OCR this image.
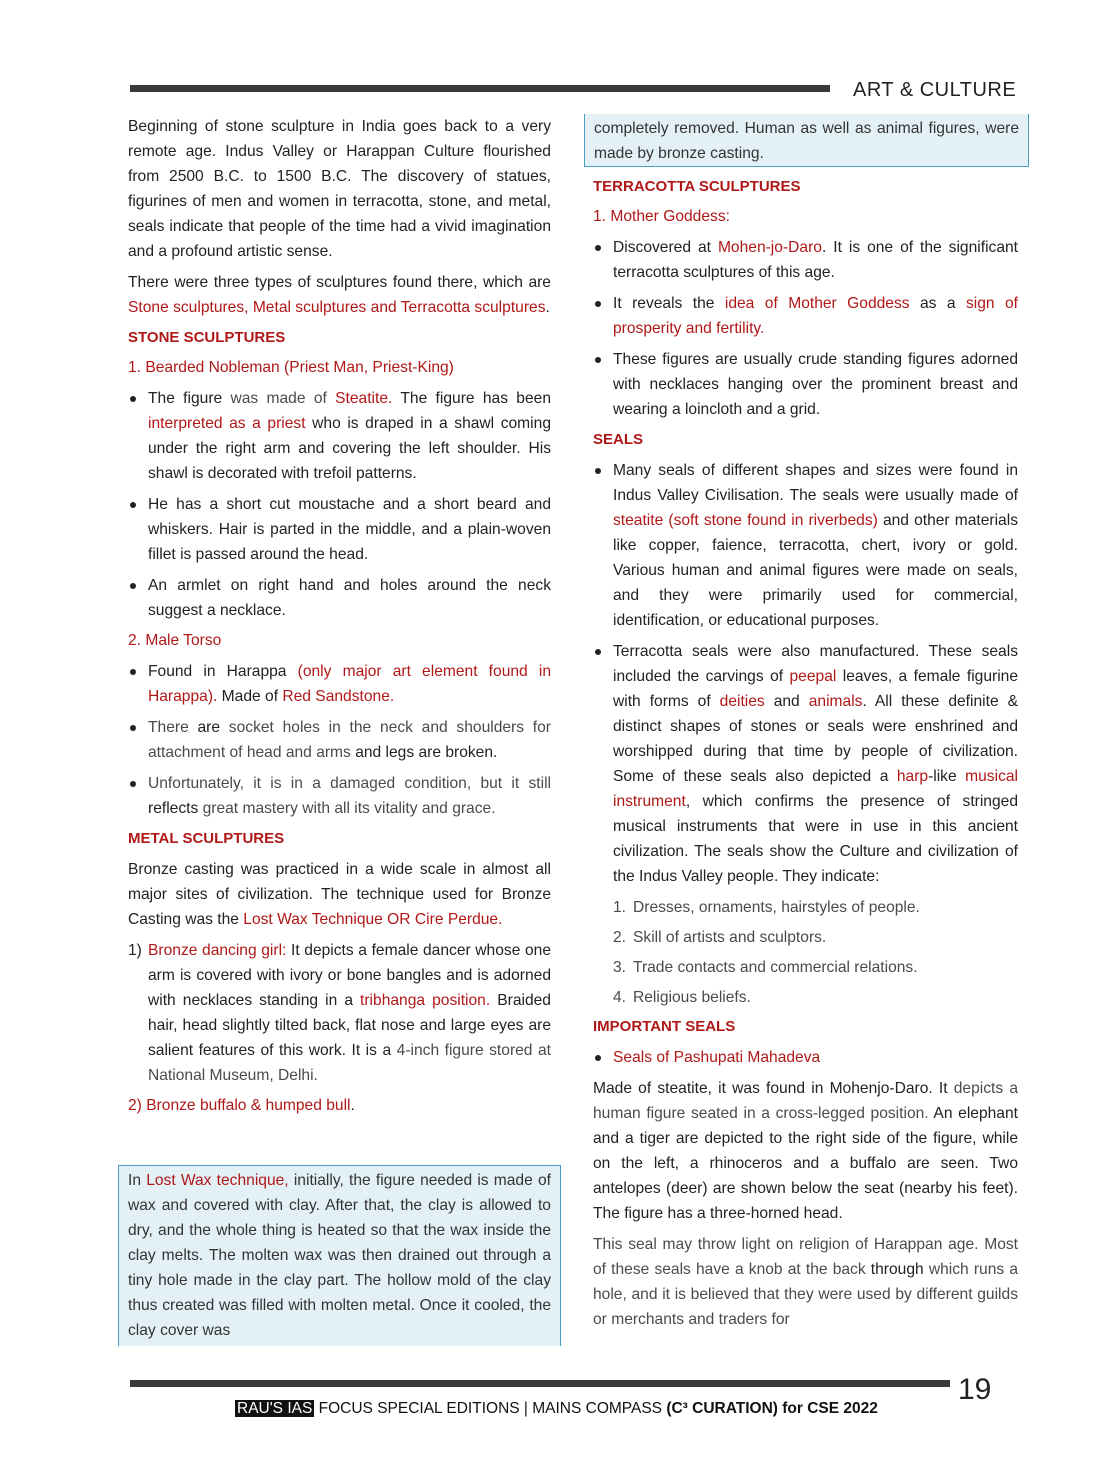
ART & CULTURE

Beginning of stone sculpture in India goes back to a very remote age. Indus Valley or Harappan Culture flourished from 2500 B.C. to 1500 B.C. The discovery of statues, figurines of men and women in terracotta, stone, and metal, seals indicate that people of the time had a vivid imagination and a profound artistic sense.

There were three types of sculptures found there, which are Stone sculptures, Metal sculptures and Terracotta sculptures.

STONE SCULPTURES
1. Bearded Nobleman (Priest Man, Priest-King)
The figure was made of Steatite. The figure has been interpreted as a priest who is draped in a shawl coming under the right arm and covering the left shoulder. His shawl is decorated with trefoil patterns.
He has a short cut moustache and a short beard and whiskers. Hair is parted in the middle, and a plain-woven fillet is passed around the head.
An armlet on right hand and holes around the neck suggest a necklace.
2. Male Torso
Found in Harappa (only major art element found in Harappa). Made of Red Sandstone.
There are socket holes in the neck and shoulders for attachment of head and arms and legs are broken.
Unfortunately, it is in a damaged condition, but it still reflects great mastery with all its vitality and grace.
METAL SCULPTURES

Bronze casting was practiced in a wide scale in almost all major sites of civilization. The technique used for Bronze Casting was the Lost Wax Technique OR Cire Perdue.

1) Bronze dancing girl: It depicts a female dancer whose one arm is covered with ivory or bone bangles and is adorned with necklaces standing in a tribhanga position. Braided hair, head slightly tilted back, flat nose and large eyes are salient features of this work. It is a 4-inch figure stored at National Museum, Delhi.

2) Bronze buffalo & humped bull.

In Lost Wax technique, initially, the figure needed is made of wax and covered with clay. After that, the clay is allowed to dry, and the whole thing is heated so that the wax inside the clay melts. The molten wax was then drained out through a tiny hole made in the clay part. The hollow mold of the clay thus created was filled with molten metal. Once it cooled, the clay cover was

completely removed. Human as well as animal figures, were made by bronze casting.

TERRACOTTA SCULPTURES
1. Mother Goddess:
Discovered at Mohen-jo-Daro. It is one of the significant terracotta sculptures of this age.
It reveals the idea of Mother Goddess as a sign of prosperity and fertility.
These figures are usually crude standing figures adorned with necklaces hanging over the prominent breast and wearing a loincloth and a grid.
SEALS
Many seals of different shapes and sizes were found in Indus Valley Civilisation. The seals were usually made of steatite (soft stone found in riverbeds) and other materials like copper, faience, terracotta, chert, ivory or gold. Various human and animal figures were made on seals, and they were primarily used for commercial, identification, or educational purposes.
Terracotta seals were also manufactured. These seals included the carvings of peepal leaves, a female figurine with forms of deities and animals. All these definite & distinct shapes of stones or seals were enshrined and worshipped during that time by people of civilization. Some of these seals also depicted a harp-like musical instrument, which confirms the presence of stringed musical instruments that were in use in this ancient civilization. The seals show the Culture and civilization of the Indus Valley people. They indicate:
1. Dresses, ornaments, hairstyles of people.
2. Skill of artists and sculptors.
3. Trade contacts and commercial relations.
4. Religious beliefs.
IMPORTANT SEALS
Seals of Pashupati Mahadeva

Made of steatite, it was found in Mohenjo-Daro. It depicts a human figure seated in a cross-legged position. An elephant and a tiger are depicted to the right side of the figure, while on the left, a rhinoceros and a buffalo are seen. Two antelopes (deer) are shown below the seat (nearby his feet). The figure has a three-horned head.

This seal may throw light on religion of Harappan age. Most of these seals have a knob at the back through which runs a hole, and it is believed that they were used by different guilds or merchants and traders for

19
RAU'S IAS FOCUS SPECIAL EDITIONS | MAINS COMPASS (C³ CURATION) for CSE 2022
